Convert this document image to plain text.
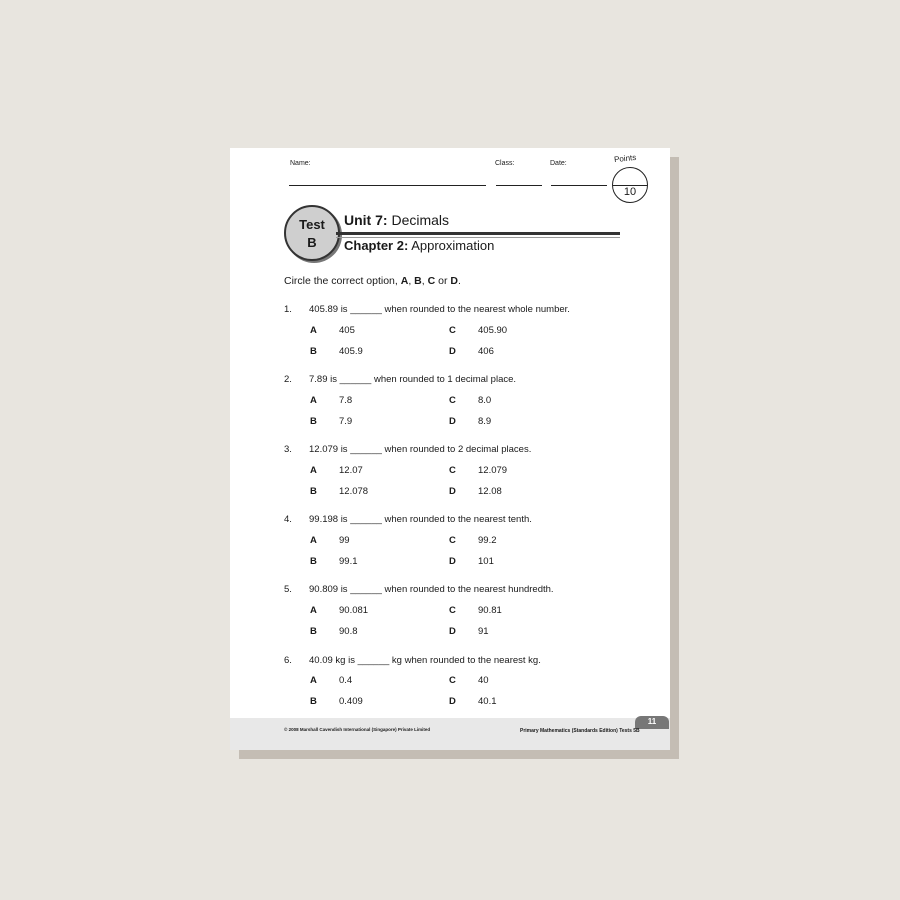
Name:	Class:	Date:	Points
10
Test
B
Unit 7: Decimals
Chapter 2: Approximation
Circle the correct option, A, B, C or D.
1. 405.89 is ______ when rounded to the nearest whole number.
A 405	C 405.90
B 405.9	D 406
2. 7.89 is ______ when rounded to 1 decimal place.
A 7.8	C 8.0
B 7.9	D 8.9
3. 12.079 is ______ when rounded to 2 decimal places.
A 12.07	C 12.079
B 12.078	D 12.08
4. 99.198 is ______ when rounded to the nearest tenth.
A 99	C 99.2
B 99.1	D 101
5. 90.809 is ______ when rounded to the nearest hundredth.
A 90.081	C 90.81
B 90.8	D 91
6. 40.09 kg is ______ kg when rounded to the nearest kg.
A 0.4	C 40
B 0.409	D 40.1
11
© 2008 Marshall Cavendish International (Singapore) Private Limited	Primary Mathematics (Standards Edition) Tests 5B
